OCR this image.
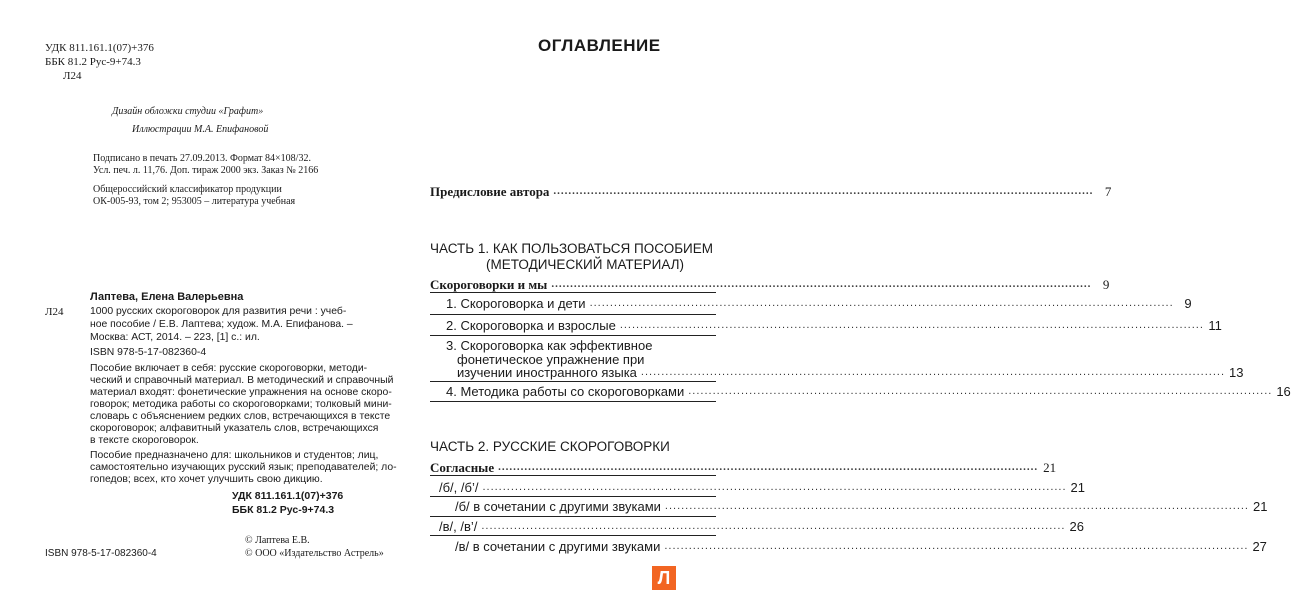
УДК 811.161.1(07)+376
ББК 81.2 Рус-9+74.3
Л24
Дизайн обложки студии «Графит»
Иллюстрации М.А. Епифановой
Подписано в печать 27.09.2013. Формат 84×108/32.
Усл. печ. л. 11,76. Доп. тираж 2000 экз. Заказ № 2166
Общероссийский классификатор продукции
ОК-005-93, том 2; 953005 – литература учебная
Лаптева, Елена Валерьевна
Л24	1000 русских скороговорок для развития речи : учеб-
ное пособие / Е.В. Лаптева; худож. М.А. Епифанова. –
Москва: АСТ, 2014. – 223, [1] с.: ил.
ISBN 978-5-17-082360-4
Пособие включает в себя: русские скороговорки, методи-
ческий и справочный материал. В методический и справочный
материал входят: фонетические упражнения на основе скоро-
говорок; методика работы со скороговорками; толковый мини-
словарь с объяснением редких слов, встречающихся в тексте
скороговорок; алфавитный указатель слов, встречающихся
в тексте скороговорок.
Пособие предназначено для: школьников и студентов; лиц,
самостоятельно изучающих русский язык; преподавателей; ло-
гопедов; всех, кто хочет улучшить свою дикцию.
УДК 811.161.1(07)+376
ББК 81.2 Рус-9+74.3
ISBN 978-5-17-082360-4
© Лаптева Е.В.
© ООО «Издательство Астрель»
ОГЛАВЛЕНИЕ
Предисловие автора ................................................................................................................................................ 7
ЧАСТЬ 1. КАК ПОЛЬЗОВАТЬСЯ ПОСОБИЕМ
(МЕТОДИЧЕСКИЙ МАТЕРИАЛ)
Скороговорки и мы ................................................................................................................................................ 9
1. Скороговорка и дети ................................................................................................................................................ 9
2. Скороговорка и взрослые ................................................................................................................................................ 11
3. Скороговорка как эффективное
фонетическое упражнение при
изучении иностранного языка ................................................................................................................................................ 13
4. Методика работы со скороговорками ................................................................................................................................................ 16
ЧАСТЬ 2. РУССКИЕ СКОРОГОВОРКИ
Согласные ................................................................................................................................................ 21
/б/, /б’/ ................................................................................................................................................ 21
/б/ в сочетании с другими звуками ................................................................................................................................................ 21
/в/, /в’/ ................................................................................................................................................ 26
/в/ в сочетании с другими звуками ................................................................................................................................................ 27
Л
